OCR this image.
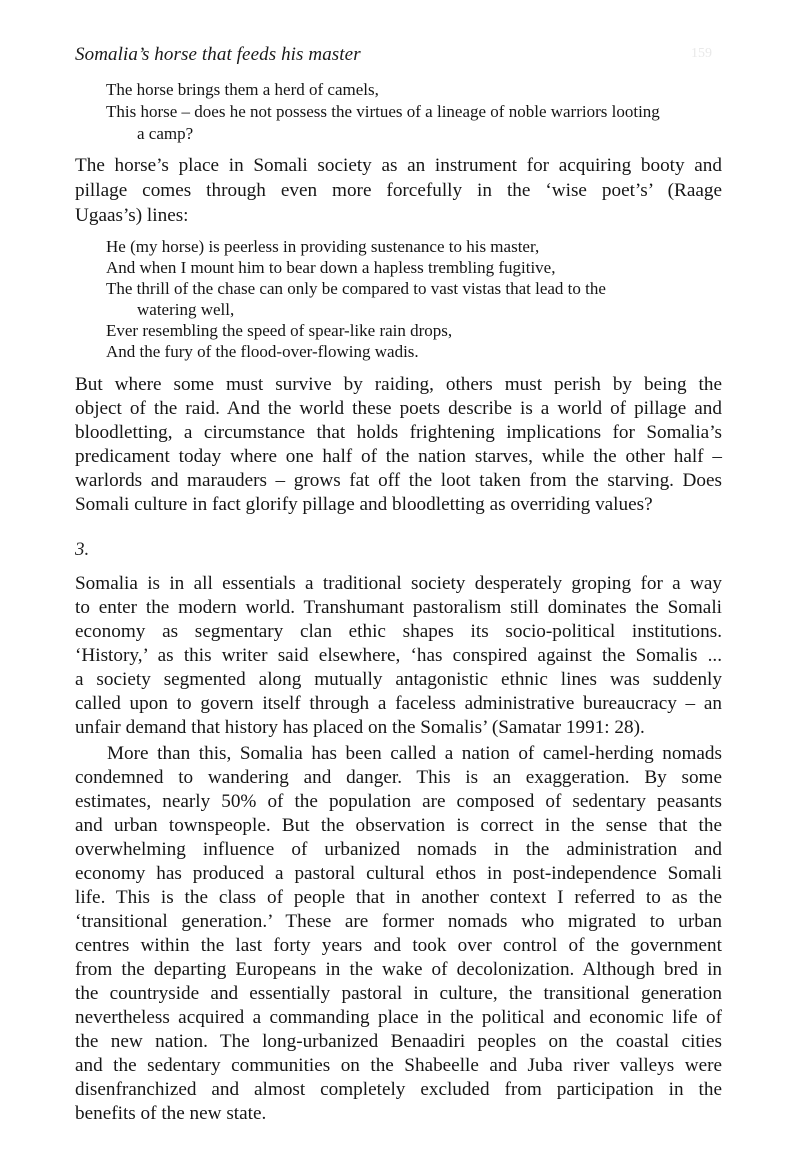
Somalia’s horse that feeds his master	159
The horse brings them a herd of camels,
This horse – does he not possess the virtues of a lineage of noble warriors looting
a camp?
The horse’s place in Somali society as an instrument for acquiring booty and
pillage comes through even more forcefully in the ‘wise poet’s’ (Raage
Ugaas’s) lines:
He (my horse) is peerless in providing sustenance to his master,
And when I mount him to bear down a hapless trembling fugitive,
The thrill of the chase can only be compared to vast vistas that lead to the
watering well,
Ever resembling the speed of spear-like rain drops,
And the fury of the flood-over-flowing wadis.
But where some must survive by raiding, others must perish by being the
object of the raid. And the world these poets describe is a world of pillage and
bloodletting, a circumstance that holds frightening implications for Somalia’s
predicament today where one half of the nation starves, while the other half –
warlords and marauders – grows fat off the loot taken from the starving. Does
Somali culture in fact glorify pillage and bloodletting as overriding values?
3.
Somalia is in all essentials a traditional society desperately groping for a way
to enter the modern world. Transhumant pastoralism still dominates the Somali
economy as segmentary clan ethic shapes its socio-political institutions.
‘History,’ as this writer said elsewhere, ‘has conspired against the Somalis ...
a society segmented along mutually antagonistic ethnic lines was suddenly
called upon to govern itself through a faceless administrative bureaucracy – an
unfair demand that history has placed on the Somalis’ (Samatar 1991: 28).
More than this, Somalia has been called a nation of camel-herding nomads
condemned to wandering and danger. This is an exaggeration. By some
estimates, nearly 50% of the population are composed of sedentary peasants
and urban townspeople. But the observation is correct in the sense that the
overwhelming influence of urbanized nomads in the administration and
economy has produced a pastoral cultural ethos in post-independence Somali
life. This is the class of people that in another context I referred to as the
‘transitional generation.’ These are former nomads who migrated to urban
centres within the last forty years and took over control of the government
from the departing Europeans in the wake of decolonization. Although bred in
the countryside and essentially pastoral in culture, the transitional generation
nevertheless acquired a commanding place in the political and economic life of
the new nation. The long-urbanized Benaadiri peoples on the coastal cities
and the sedentary communities on the Shabeelle and Juba river valleys were
disenfranchized and almost completely excluded from participation in the
benefits of the new state.
